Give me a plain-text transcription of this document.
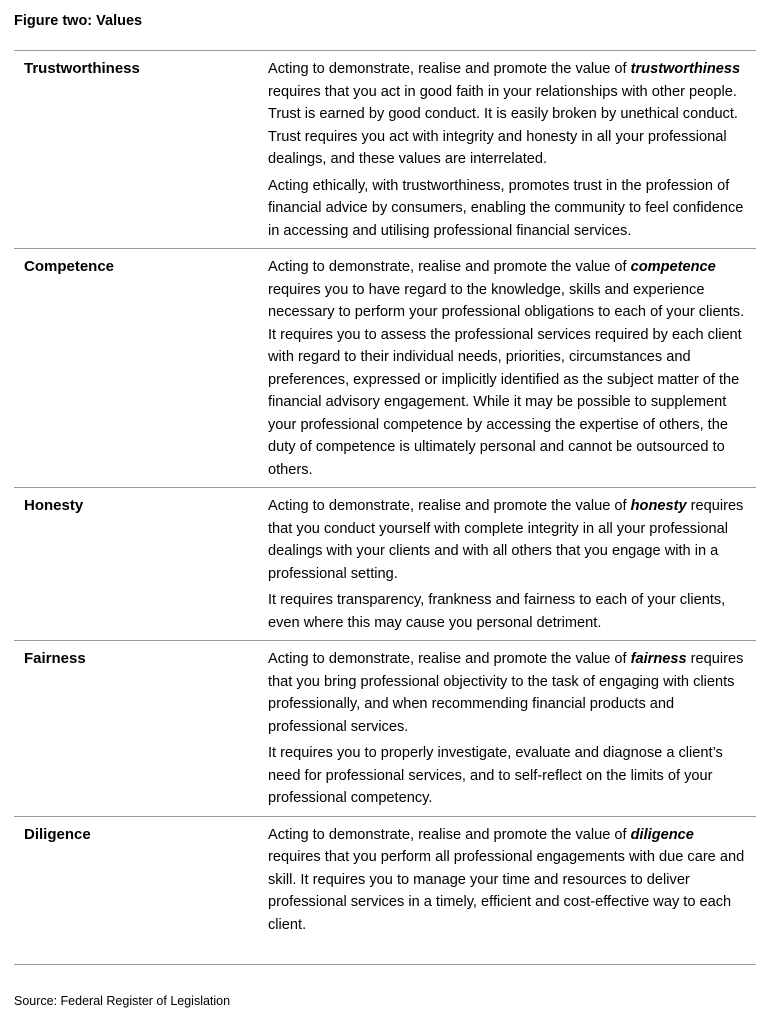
Figure two: Values
Trustworthiness	Acting to demonstrate, realise and promote the value of trustworthiness requires that you act in good faith in your relationships with other people. Trust is earned by good conduct. It is easily broken by unethical conduct. Trust requires you act with integrity and honesty in all your professional dealings, and these values are interrelated.

Acting ethically, with trustworthiness, promotes trust in the profession of financial advice by consumers, enabling the community to feel confidence in accessing and utilising professional financial services.

Competence	Acting to demonstrate, realise and promote the value of competence requires you to have regard to the knowledge, skills and experience necessary to perform your professional obligations to each of your clients. It requires you to assess the professional services required by each client with regard to their individual needs, priorities, circumstances and preferences, expressed or implicitly identified as the subject matter of the financial advisory engagement. While it may be possible to supplement your professional competence by accessing the expertise of others, the duty of competence is ultimately personal and cannot be outsourced to others.

Honesty	Acting to demonstrate, realise and promote the value of honesty requires that you conduct yourself with complete integrity in all your professional dealings with your clients and with all others that you engage with in a professional setting.

It requires transparency, frankness and fairness to each of your clients, even where this may cause you personal detriment.

Fairness	Acting to demonstrate, realise and promote the value of fairness requires that you bring professional objectivity to the task of engaging with clients professionally, and when recommending financial products and professional services.

It requires you to properly investigate, evaluate and diagnose a client’s need for professional services, and to self-reflect on the limits of your professional competency.

Diligence	Acting to demonstrate, realise and promote the value of diligence requires that you perform all professional engagements with due care and skill. It requires you to manage your time and resources to deliver professional services in a timely, efficient and cost-effective way to each client.

Source: Federal Register of Legislation
